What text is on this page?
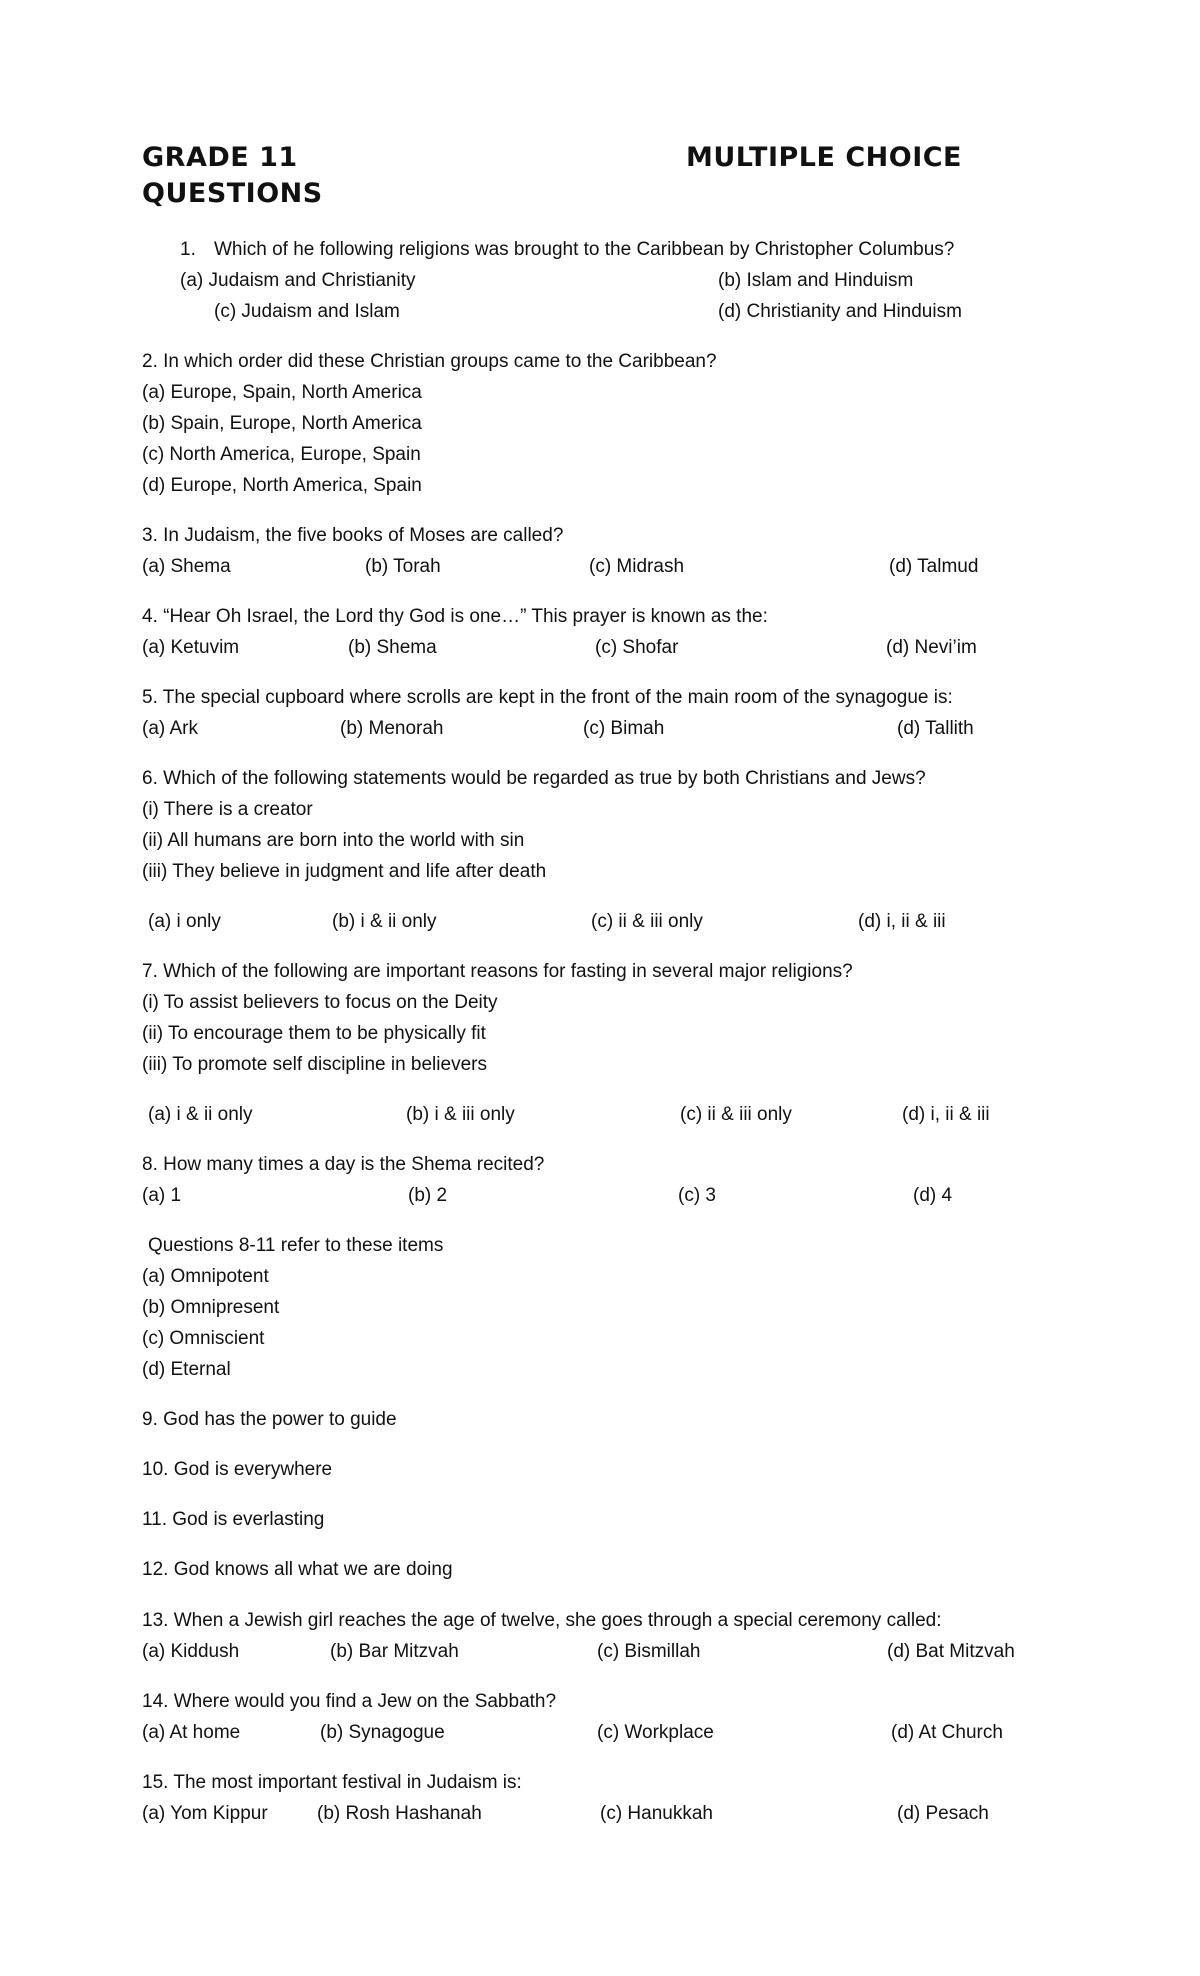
GRADE 11	MULTIPLE CHOICE
QUESTIONS
1. Which of he following religions was brought to the Caribbean by Christopher Columbus?
(a) Judaism and Christianity	(b) Islam and Hinduism
(c) Judaism and Islam	(d) Christianity and Hinduism
2. In which order did these Christian groups came to the Caribbean?
(a) Europe, Spain, North America
(b) Spain, Europe, North America
(c) North America, Europe, Spain
(d) Europe, North America, Spain
3. In Judaism, the five books of Moses are called?
(a) Shema	(b) Torah	(c) Midrash	(d) Talmud
4. “Hear Oh Israel, the Lord thy God is one…” This prayer is known as the:
(a) Ketuvim	(b) Shema	(c) Shofar	(d) Nevi’im
5. The special cupboard where scrolls are kept in the front of the main room of the synagogue is:
(a) Ark	(b) Menorah	(c) Bimah	(d) Tallith
6. Which of the following statements would be regarded as true by both Christians and Jews?
(i) There is a creator
(ii) All humans are born into the world with sin
(iii) They believe in judgment and life after death
(a) i only	(b) i & ii only	(c) ii & iii only	(d) i, ii & iii
7. Which of the following are important reasons for fasting in several major religions?
(i) To assist believers to focus on the Deity
(ii) To encourage them to be physically fit
(iii) To promote self discipline in believers
(a) i & ii only	(b) i & iii only	(c) ii & iii only	(d) i, ii & iii
8. How many times a day is the Shema recited?
(a) 1	(b) 2	(c) 3	(d) 4
Questions 8-11 refer to these items
(a) Omnipotent
(b) Omnipresent
(c) Omniscient
(d) Eternal
9. God has the power to guide
10. God is everywhere
11. God is everlasting
12. God knows all what we are doing
13. When a Jewish girl reaches the age of twelve, she goes through a special ceremony called:
(a) Kiddush	(b) Bar Mitzvah	(c) Bismillah	(d) Bat Mitzvah
14. Where would you find a Jew on the Sabbath?
(a) At home	(b) Synagogue	(c) Workplace	(d) At Church
15. The most important festival in Judaism is:
(a) Yom Kippur	(b) Rosh Hashanah	(c) Hanukkah	(d) Pesach
